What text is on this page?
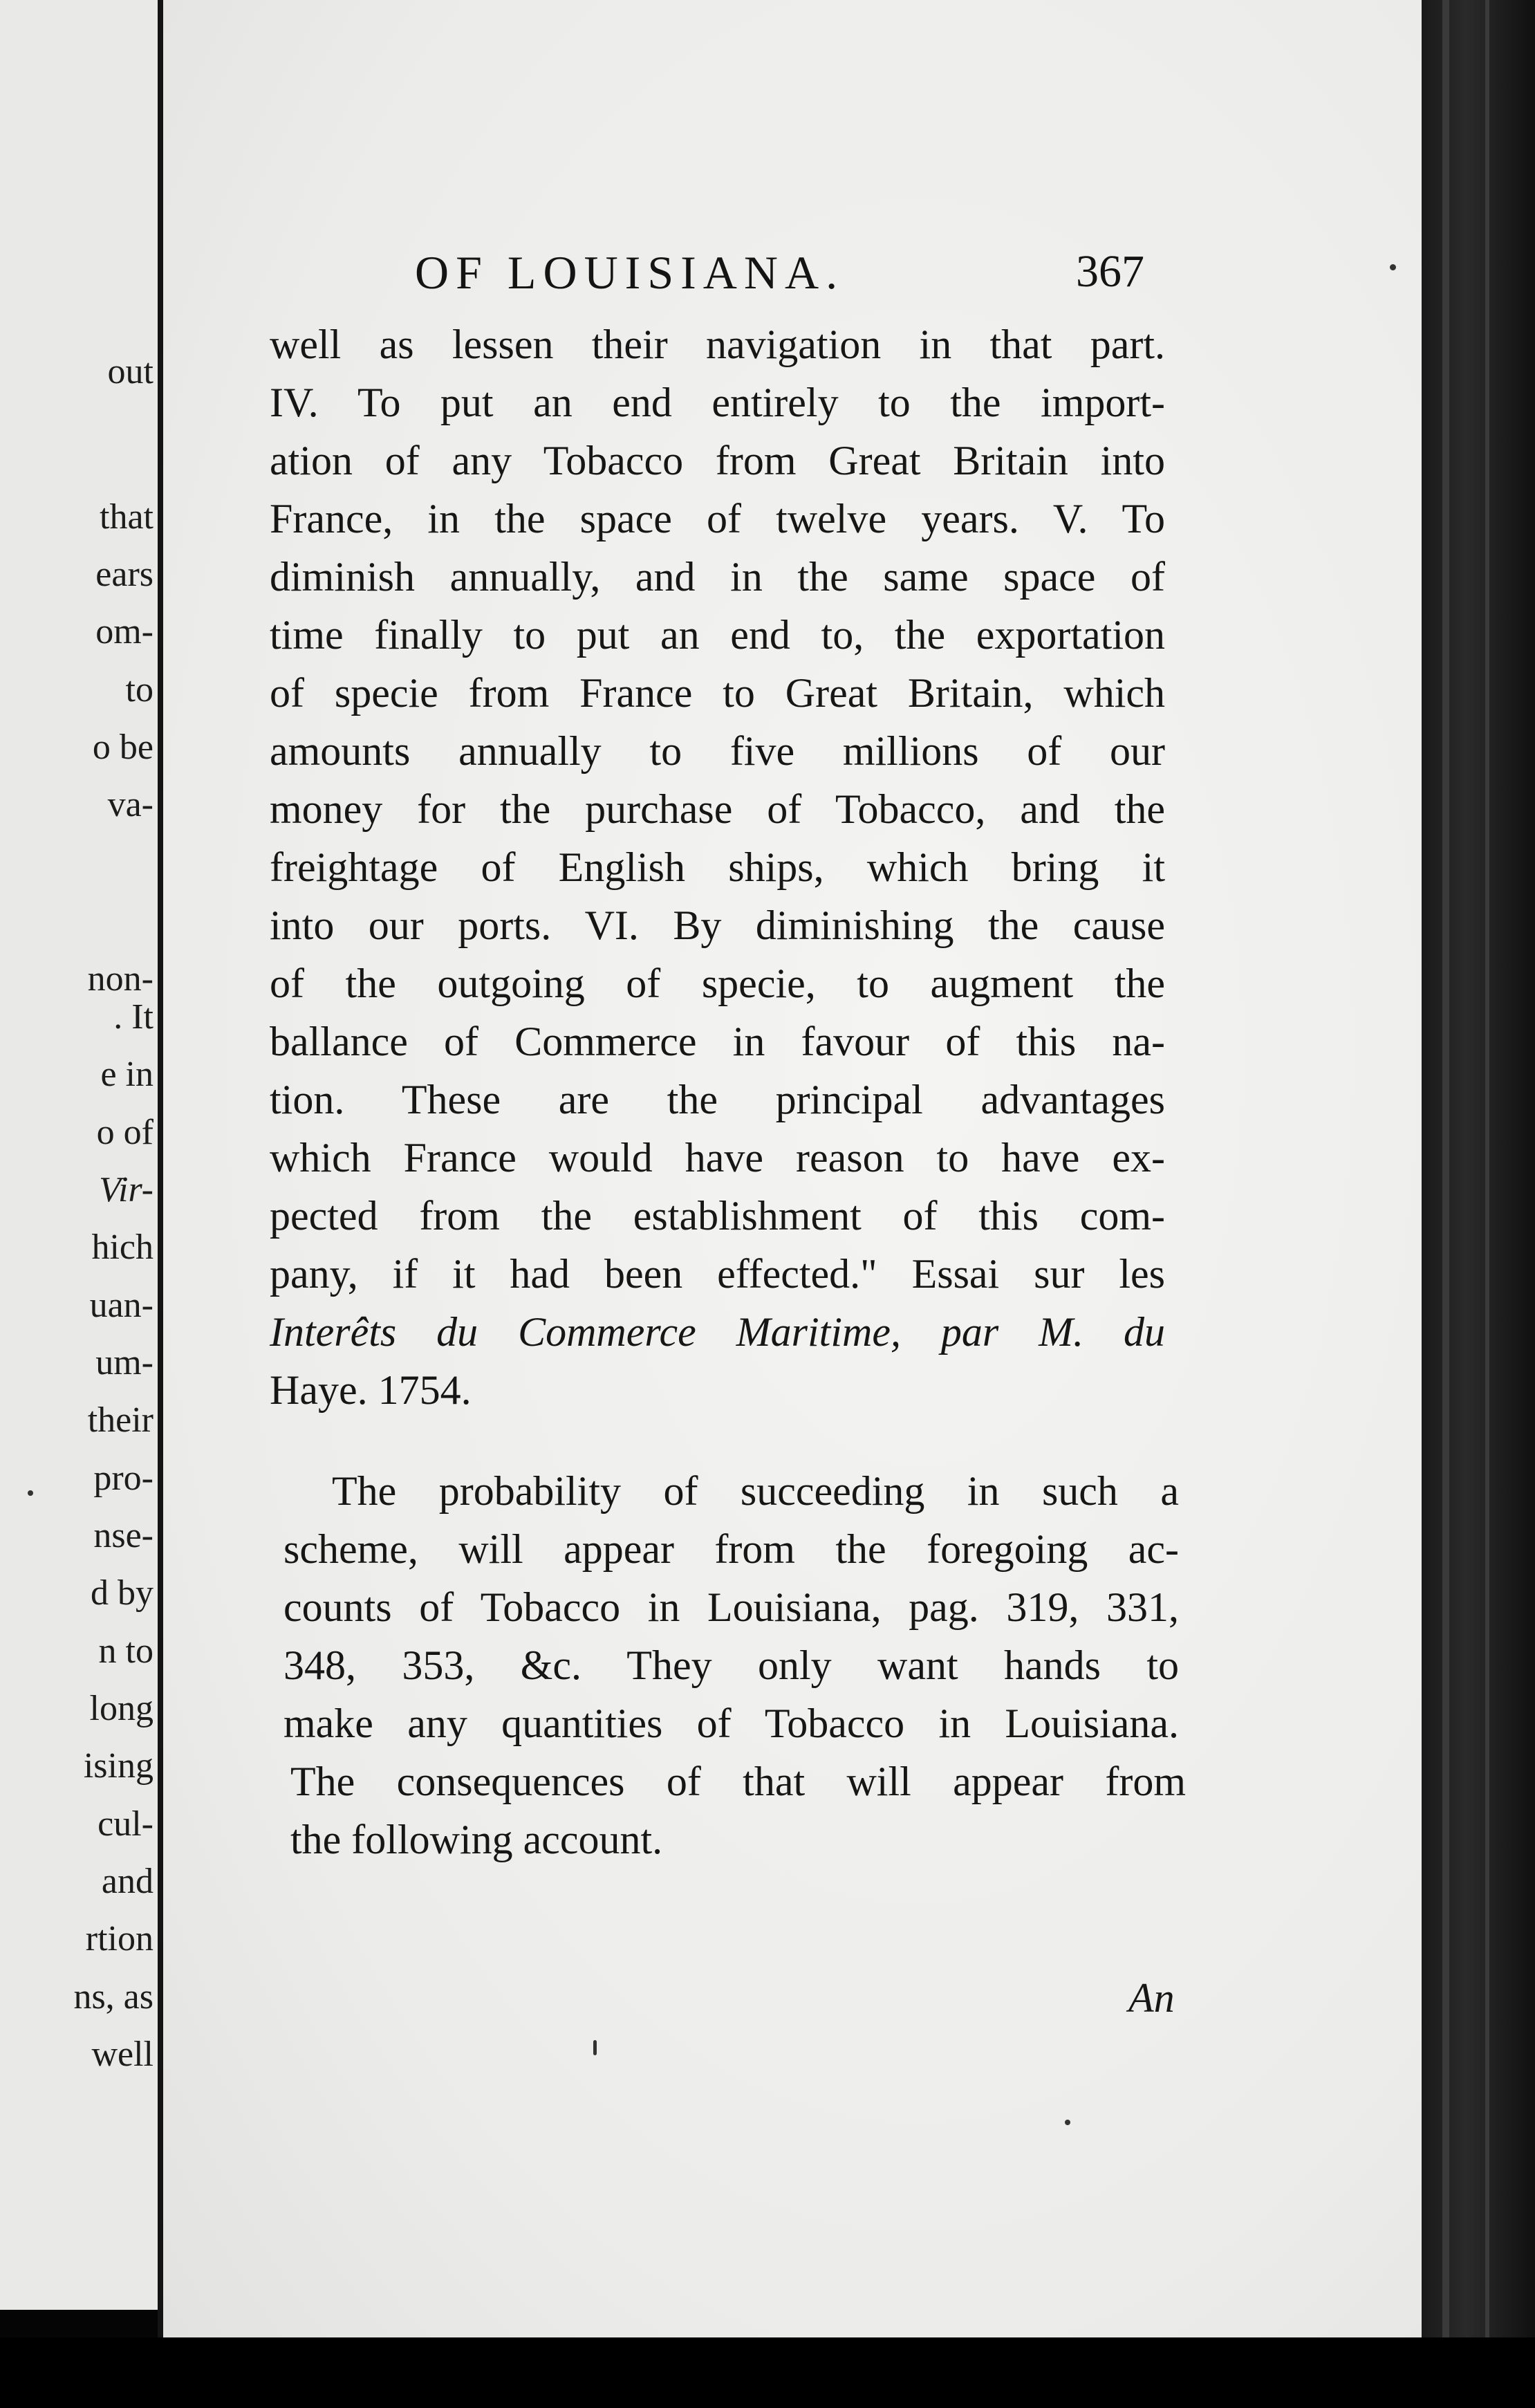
out
that
ears
om-
to
o be
va-
non-
. It
e in
o of
Vir-
hich
uan-
um-
their
pro-
nse-
d by
n to
long
ising
cul-
and
rtion
ns, as
well
OF LOUISIANA.	367
well as lessen their navigation in that part.
IV. To put an end entirely to the import-
ation of any Tobacco from Great Britain into
France, in the space of twelve years. V. To
diminish annually, and in the same space of
time finally to put an end to, the exportation
of specie from France to Great Britain, which
amounts annually to five millions of our
money for the purchase of Tobacco, and the
freightage of English ships, which bring it
into our ports. VI. By diminishing the cause
of the outgoing of specie, to augment the
ballance of Commerce in favour of this na-
tion. These are the principal advantages
which France would have reason to have ex-
pected from the establishment of this com-
pany, if it had been effected." Essai sur les
Interêts du Commerce Maritime, par M. du
Haye. 1754.
The probability of succeeding in such a
scheme, will appear from the foregoing ac-
counts of Tobacco in Louisiana, pag. 319, 331,
348, 353, &c. They only want hands to
make any quantities of Tobacco in Louisiana.
The consequences of that will appear from
the following account.
An
